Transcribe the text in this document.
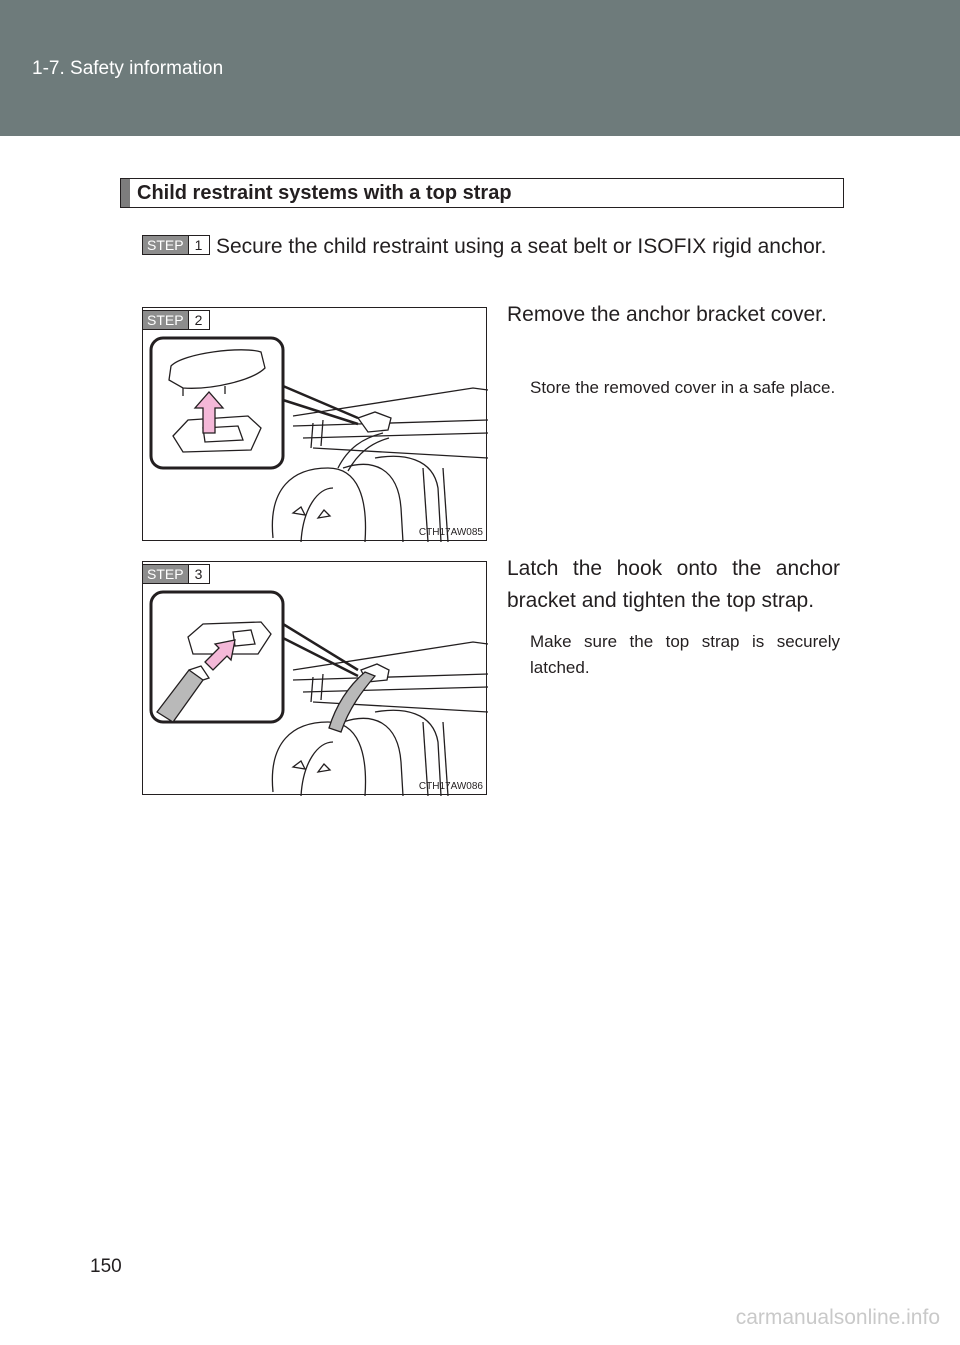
1-7. Safety information
Child restraint systems with a top strap
STEP 1 Secure the child restraint using a seat belt or ISOFIX rigid anchor.
CTH17AW085
STEP 2	Remove the anchor bracket cover.
Store the removed cover in a safe place.
CTH17AW086
STEP 3	Latch the hook onto the anchor bracket and tighten the top strap.
Make sure the top strap is securely latched.
150
carmanualsonline.info
